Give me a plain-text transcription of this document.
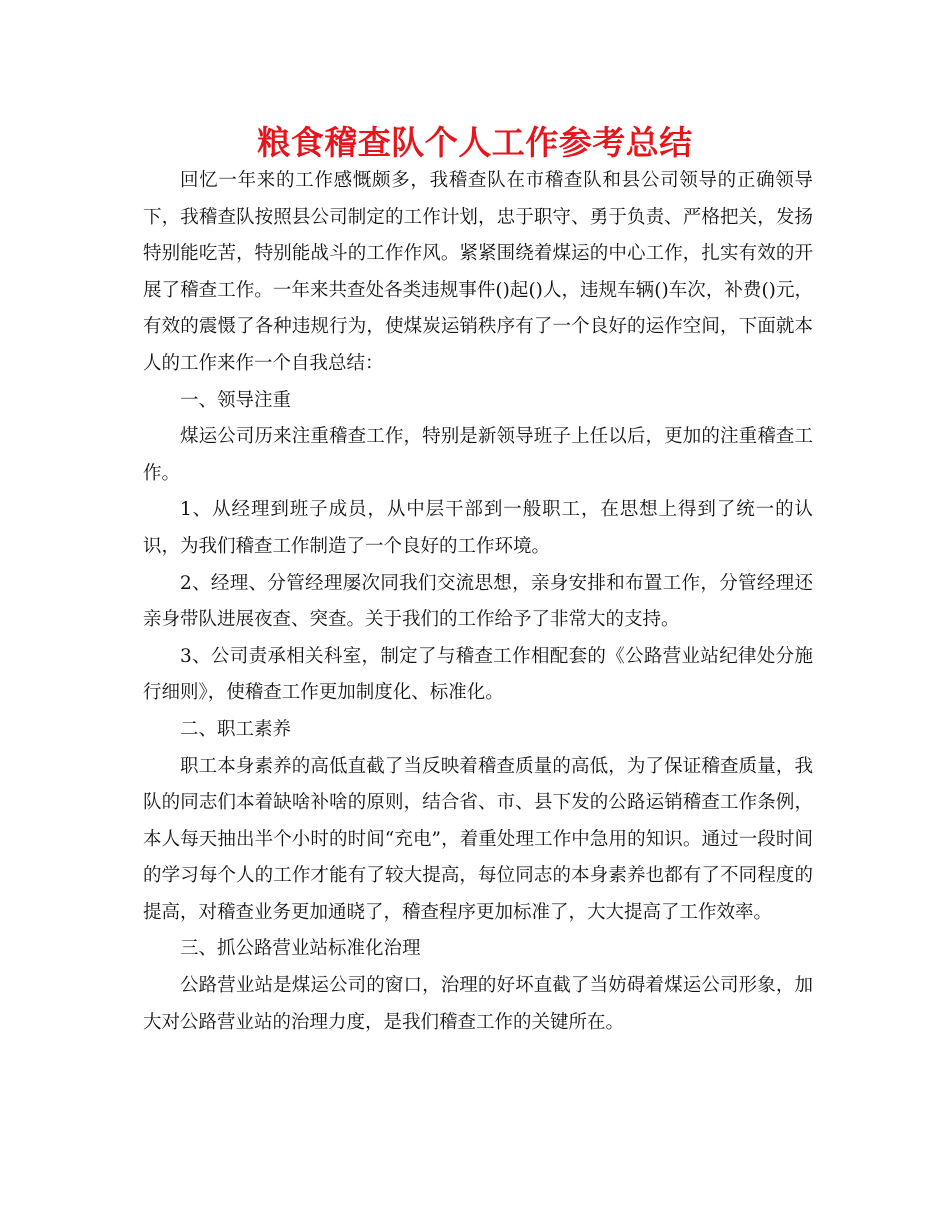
粮食稽查队个人工作参考总结

回忆一年来的工作感慨颇多，我稽查队在市稽查队和县公司领导的正确领导下，我稽查队按照县公司制定的工作计划，忠于职守、勇于负责、严格把关，发扬特别能吃苦，特别能战斗的工作作风。紧紧围绕着煤运的中心工作，扎实有效的开展了稽查工作。一年来共查处各类违规事件()起()人，违规车辆()车次，补费()元，有效的震慑了各种违规行为，使煤炭运销秩序有了一个良好的运作空间，下面就本人的工作来作一个自我总结：

一、领导注重

煤运公司历来注重稽查工作，特别是新领导班子上任以后，更加的注重稽查工作。

1、从经理到班子成员，从中层干部到一般职工，在思想上得到了统一的认识，为我们稽查工作制造了一个良好的工作环境。

2、经理、分管经理屡次同我们交流思想，亲身安排和布置工作，分管经理还亲身带队进展夜查、突查。关于我们的工作给予了非常大的支持。

3、公司责承相关科室，制定了与稽查工作相配套的《公路营业站纪律处分施行细则》，使稽查工作更加制度化、标准化。

二、职工素养

职工本身素养的高低直截了当反映着稽查质量的高低，为了保证稽查质量，我队的同志们本着缺啥补啥的原则，结合省、市、县下发的公路运销稽查工作条例，本人每天抽出半个小时的时间“充电”，着重处理工作中急用的知识。通过一段时间的学习每个人的工作才能有了较大提高，每位同志的本身素养也都有了不同程度的提高，对稽查业务更加通晓了，稽查程序更加标准了，大大提高了工作效率。

三、抓公路营业站标准化治理

公路营业站是煤运公司的窗口，治理的好坏直截了当妨碍着煤运公司形象，加大对公路营业站的治理力度，是我们稽查工作的关键所在。
